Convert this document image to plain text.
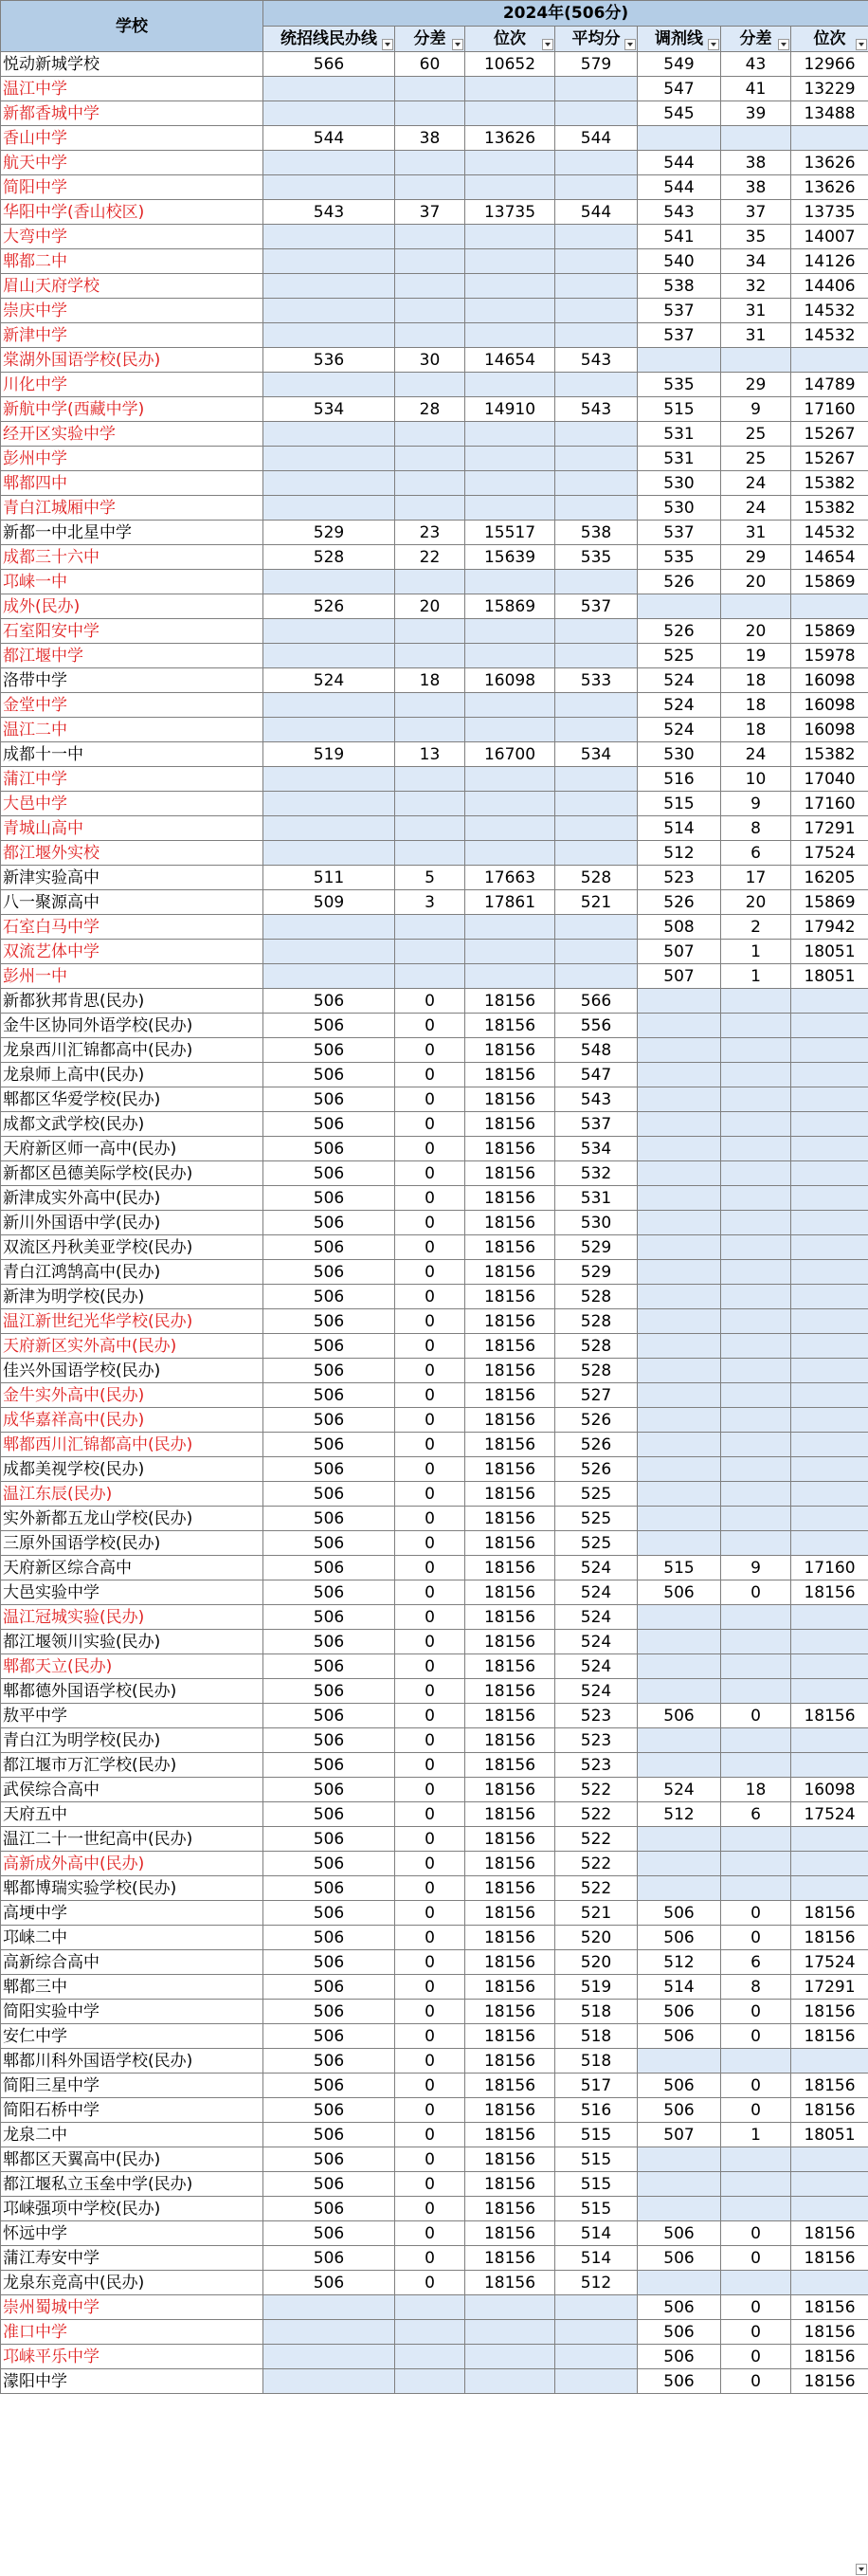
学校	2024年(506分)						
	统招线民办线	分差	位次	平均分	调剂线	分差	位次

悦动新城学校	566	60	10652	579	549	43	12966
温江中学					547	41	13229
新都香城中学					545	39	13488
香山中学	544	38	13626	544			
航天中学					544	38	13626
简阳中学					544	38	13626
华阳中学(香山校区)	543	37	13735	544	543	37	13735
大弯中学					541	35	14007
郫都二中					540	34	14126
眉山天府学校					538	32	14406
崇庆中学					537	31	14532
新津中学					537	31	14532
棠湖外国语学校(民办)	536	30	14654	543			
川化中学					535	29	14789
新航中学(西藏中学)	534	28	14910	543	515	9	17160
经开区实验中学					531	25	15267
彭州中学					531	25	15267
郫都四中					530	24	15382
青白江城厢中学					530	24	15382
新都一中北星中学	529	23	15517	538	537	31	14532
成都三十六中	528	22	15639	535	535	29	14654
邛崃一中					526	20	15869
成外(民办)	526	20	15869	537			
石室阳安中学					526	20	15869
都江堰中学					525	19	15978
洛带中学	524	18	16098	533	524	18	16098
金堂中学					524	18	16098
温江二中					524	18	16098
成都十一中	519	13	16700	534	530	24	15382
蒲江中学					516	10	17040
大邑中学					515	9	17160
青城山高中					514	8	17291
都江堰外实校					512	6	17524
新津实验高中	511	5	17663	528	523	17	16205
八一聚源高中	509	3	17861	521	526	20	15869
石室白马中学					508	2	17942
双流艺体中学					507	1	18051
彭州一中					507	1	18051
新都狄邦肯思(民办)	506	0	18156	566			
金牛区协同外语学校(民办)	506	0	18156	556			
龙泉西川汇锦都高中(民办)	506	0	18156	548			
龙泉师上高中(民办)	506	0	18156	547			
郫都区华爱学校(民办)	506	0	18156	543			
成都文武学校(民办)	506	0	18156	537			
天府新区师一高中(民办)	506	0	18156	534			
新都区邑德美际学校(民办)	506	0	18156	532			
新津成实外高中(民办)	506	0	18156	531			
新川外国语中学(民办)	506	0	18156	530			
双流区丹秋美亚学校(民办)	506	0	18156	529			
青白江鸿鹄高中(民办)	506	0	18156	529			
新津为明学校(民办)	506	0	18156	528			
温江新世纪光华学校(民办)	506	0	18156	528			
天府新区实外高中(民办)	506	0	18156	528			
佳兴外国语学校(民办)	506	0	18156	528			
金牛实外高中(民办)	506	0	18156	527			
成华嘉祥高中(民办)	506	0	18156	526			
郫都西川汇锦都高中(民办)	506	0	18156	526			
成都美视学校(民办)	506	0	18156	526			
温江东辰(民办)	506	0	18156	525			
实外新都五龙山学校(民办)	506	0	18156	525			
三原外国语学校(民办)	506	0	18156	525			
天府新区综合高中	506	0	18156	524	515	9	17160
大邑实验中学	506	0	18156	524	506	0	18156
温江冠城实验(民办)	506	0	18156	524			
都江堰领川实验(民办)	506	0	18156	524			
郫都天立(民办)	506	0	18156	524			
郫都德外国语学校(民办)	506	0	18156	524			
敖平中学	506	0	18156	523	506	0	18156
青白江为明学校(民办)	506	0	18156	523			
都江堰市万汇学校(民办)	506	0	18156	523			
武侯综合高中	506	0	18156	522	524	18	16098
天府五中	506	0	18156	522	512	6	17524
温江二十一世纪高中(民办)	506	0	18156	522			
高新成外高中(民办)	506	0	18156	522			
郫都博瑞实验学校(民办)	506	0	18156	522			
高埂中学	506	0	18156	521	506	0	18156
邛崃二中	506	0	18156	520	506	0	18156
高新综合高中	506	0	18156	520	512	6	17524
郫都三中	506	0	18156	519	514	8	17291
简阳实验中学	506	0	18156	518	506	0	18156
安仁中学	506	0	18156	518	506	0	18156
郫都川科外国语学校(民办)	506	0	18156	518			
简阳三星中学	506	0	18156	517	506	0	18156
简阳石桥中学	506	0	18156	516	506	0	18156
龙泉二中	506	0	18156	515	507	1	18051
郫都区天翼高中(民办)	506	0	18156	515			
都江堰私立玉垒中学(民办)	506	0	18156	515			
邛崃强项中学校(民办)	506	0	18156	515			
怀远中学	506	0	18156	514	506	0	18156
蒲江寿安中学	506	0	18156	514	506	0	18156
龙泉东竞高中(民办)	506	0	18156	512			
崇州蜀城中学					506	0	18156
准口中学					506	0	18156
邛崃平乐中学					506	0	18156
濛阳中学					506	0	18156
